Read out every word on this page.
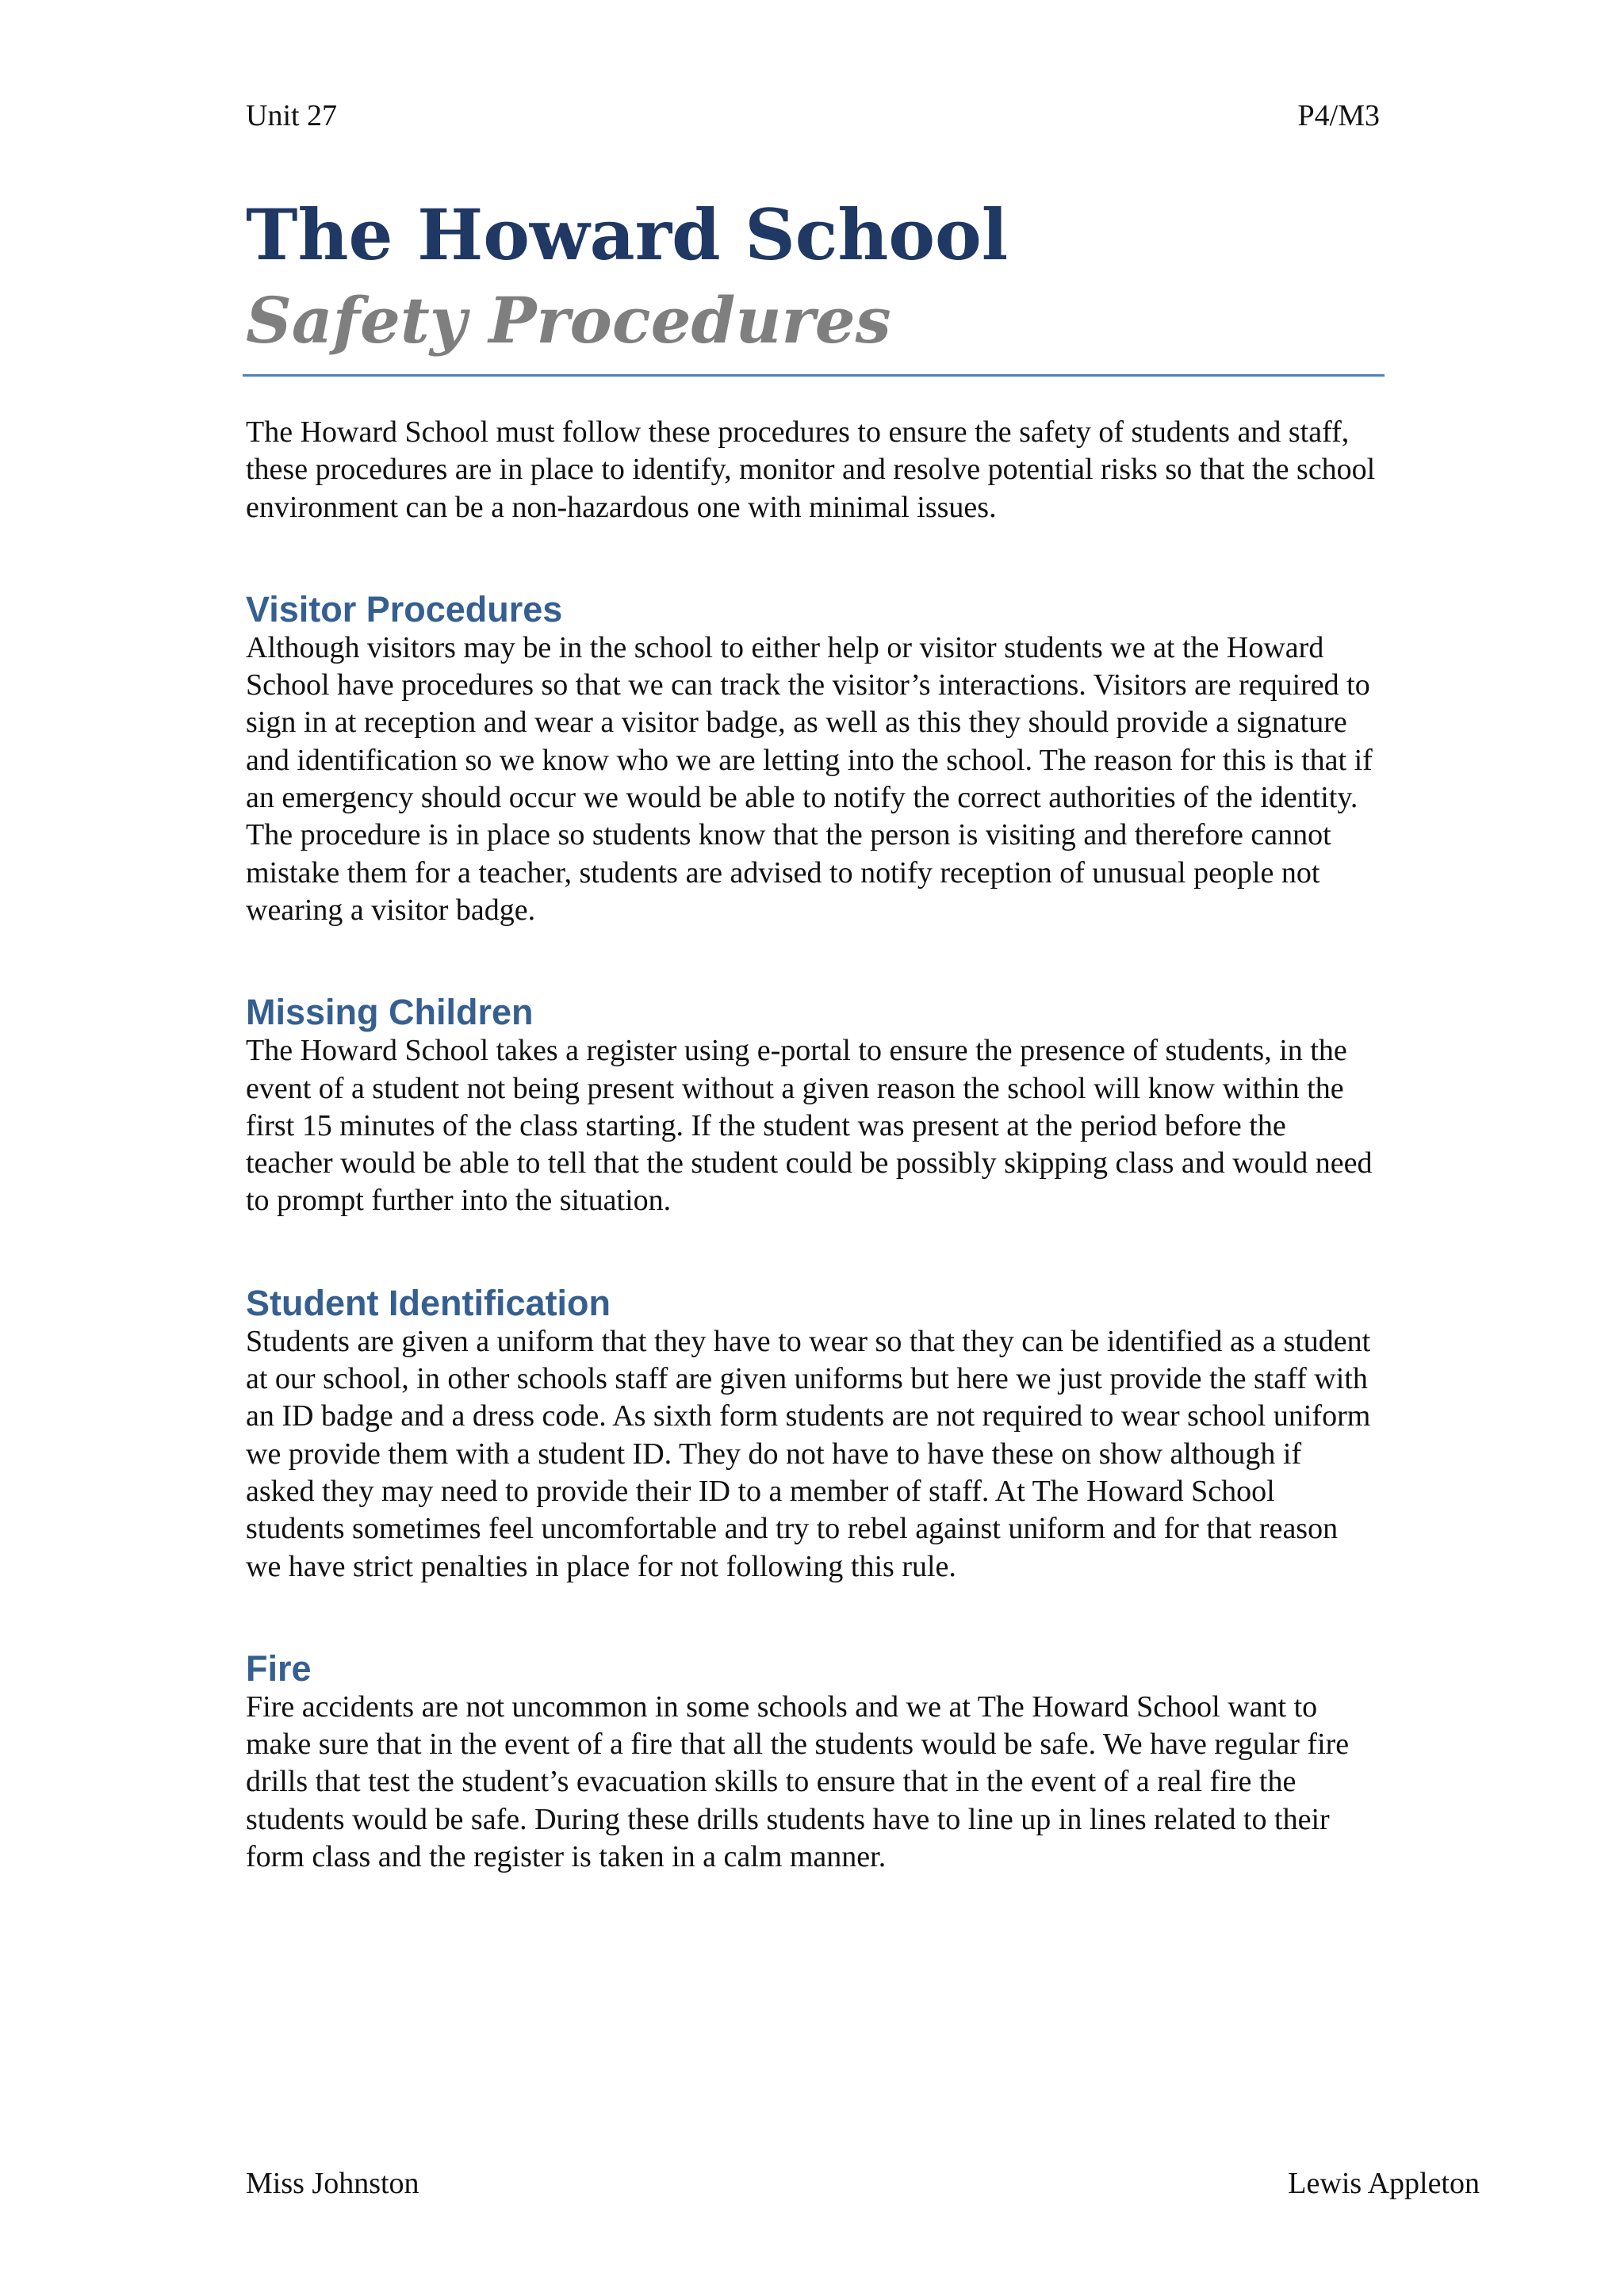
Unit 27	P4/M3
The Howard School
Safety Procedures

The Howard School must follow these procedures to ensure the safety of students and staff, these procedures are in place to identify, monitor and resolve potential risks so that the school environment can be a non-hazardous one with minimal issues.

Visitor Procedures

Although visitors may be in the school to either help or visitor students we at the Howard School have procedures so that we can track the visitor’s interactions. Visitors are required to sign in at reception and wear a visitor badge, as well as this they should provide a signature and identification so we know who we are letting into the school. The reason for this is that if an emergency should occur we would be able to notify the correct authorities of the identity. The procedure is in place so students know that the person is visiting and therefore cannot mistake them for a teacher, students are advised to notify reception of unusual people not wearing a visitor badge.

Missing Children

The Howard School takes a register using e-portal to ensure the presence of students, in the event of a student not being present without a given reason the school will know within the first 15 minutes of the class starting. If the student was present at the period before the teacher would be able to tell that the student could be possibly skipping class and would need to prompt further into the situation.

Student Identification

Students are given a uniform that they have to wear so that they can be identified as a student at our school, in other schools staff are given uniforms but here we just provide the staff with an ID badge and a dress code. As sixth form students are not required to wear school uniform we provide them with a student ID. They do not have to have these on show although if asked they may need to provide their ID to a member of staff. At The Howard School students sometimes feel uncomfortable and try to rebel against uniform and for that reason we have strict penalties in place for not following this rule.

Fire

Fire accidents are not uncommon in some schools and we at The Howard School want to make sure that in the event of a fire that all the students would be safe. We have regular fire drills that test the student’s evacuation skills to ensure that in the event of a real fire the students would be safe. During these drills students have to line up in lines related to their form class and the register is taken in a calm manner.

Miss Johnston	Lewis Appleton
